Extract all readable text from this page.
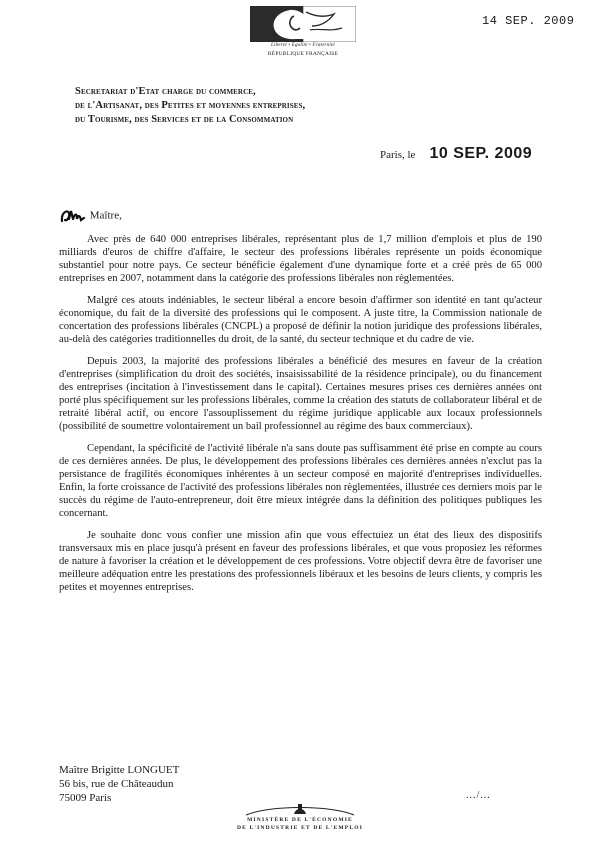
Liberté • Égalité • Fraternité
RÉPUBLIQUE FRANÇAISE
14 SEP. 2009
Secretariat d'Etat charge du commerce,
de l'Artisanat, des Petites et moyennes entreprises,
du Tourisme, des Services et de la Consommation
Paris, le 10 SEP. 2009
Maître,

Avec près de 640 000 entreprises libérales, représentant plus de 1,7 million d'emplois et plus de 190 milliards d'euros de chiffre d'affaire, le secteur des professions libérales représente un poids économique substantiel pour notre pays. Ce secteur bénéficie également d'une dynamique forte et a créé près de 65 000 entreprises en 2007, notamment dans la catégorie des professions libérales non règlementées.

Malgré ces atouts indéniables, le secteur libéral a encore besoin d'affirmer son identité en tant qu'acteur économique, du fait de la diversité des professions qui le composent. A juste titre, la Commission nationale de concertation des professions libérales (CNCPL) a proposé de définir la notion juridique des professions libérales, au-delà des catégories traditionnelles du droit, de la santé, du secteur technique et du cadre de vie.

Depuis 2003, la majorité des professions libérales a bénéficié des mesures en faveur de la création d'entreprises (simplification du droit des sociétés, insaisissabilité de la résidence principale), ou du financement des entreprises (incitation à l'investissement dans le capital). Certaines mesures prises ces dernières années ont porté plus spécifiquement sur les professions libérales, comme la création des statuts de collaborateur libéral et de retraité libéral actif, ou encore l'assouplissement du régime juridique applicable aux locaux professionnels (possibilité de soumettre volontairement un bail professionnel au régime des baux commerciaux).

Cependant, la spécificité de l'activité libérale n'a sans doute pas suffisamment été prise en compte au cours de ces dernières années. De plus, le développement des professions libérales ces dernières années n'exclut pas la persistance de fragilités économiques inhérentes à un secteur composé en majorité d'entreprises individuelles. Enfin, la forte croissance de l'activité des professions libérales non règlementées, illustrée ces derniers mois par le succès du régime de l'auto-entrepreneur, doit être mieux intégrée dans la définition des politiques publiques les concernant.

Je souhaite donc vous confier une mission afin que vous effectuiez un état des lieux des dispositifs transversaux mis en place jusqu'à présent en faveur des professions libérales, et que vous proposiez les réformes de nature à favoriser la création et le développement de ces professions. Votre objectif devra être de favoriser une meilleure adéquation entre les prestations des professionnels libéraux et les besoins de leurs clients, y compris les petites et moyennes entreprises.

Maître Brigitte LONGUET
56 bis, rue de Châteaudun
75009 Paris	.../...
MINISTÈRE DE L'ÉCONOMIE
DE L'INDUSTRIE ET DE L'EMPLOI
